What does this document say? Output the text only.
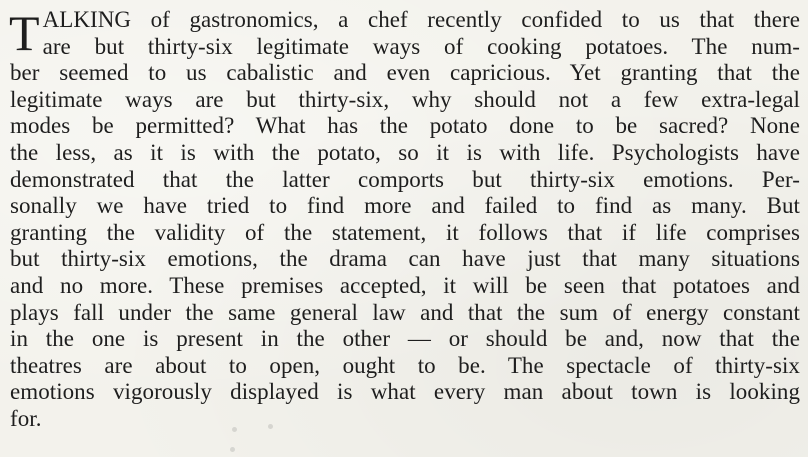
T ALKING of gastronomics, a chef recently confided to us that there
are but thirty-six legitimate ways of cooking potatoes. The num-
ber seemed to us cabalistic and even capricious. Yet granting that the
legitimate ways are but thirty-six, why should not a few extra-legal
modes be permitted? What has the potato done to be sacred? None
the less, as it is with the potato, so it is with life. Psychologists have
demonstrated that the latter comports but thirty-six emotions. Per-
sonally we have tried to find more and failed to find as many. But
granting the validity of the statement, it follows that if life comprises
but thirty-six emotions, the drama can have just that many situations
and no more. These premises accepted, it will be seen that potatoes and
plays fall under the same general law and that the sum of energy constant
in the one is present in the other — or should be and, now that the
theatres are about to open, ought to be. The spectacle of thirty-six
emotions vigorously displayed is what every man about town is looking
for.
